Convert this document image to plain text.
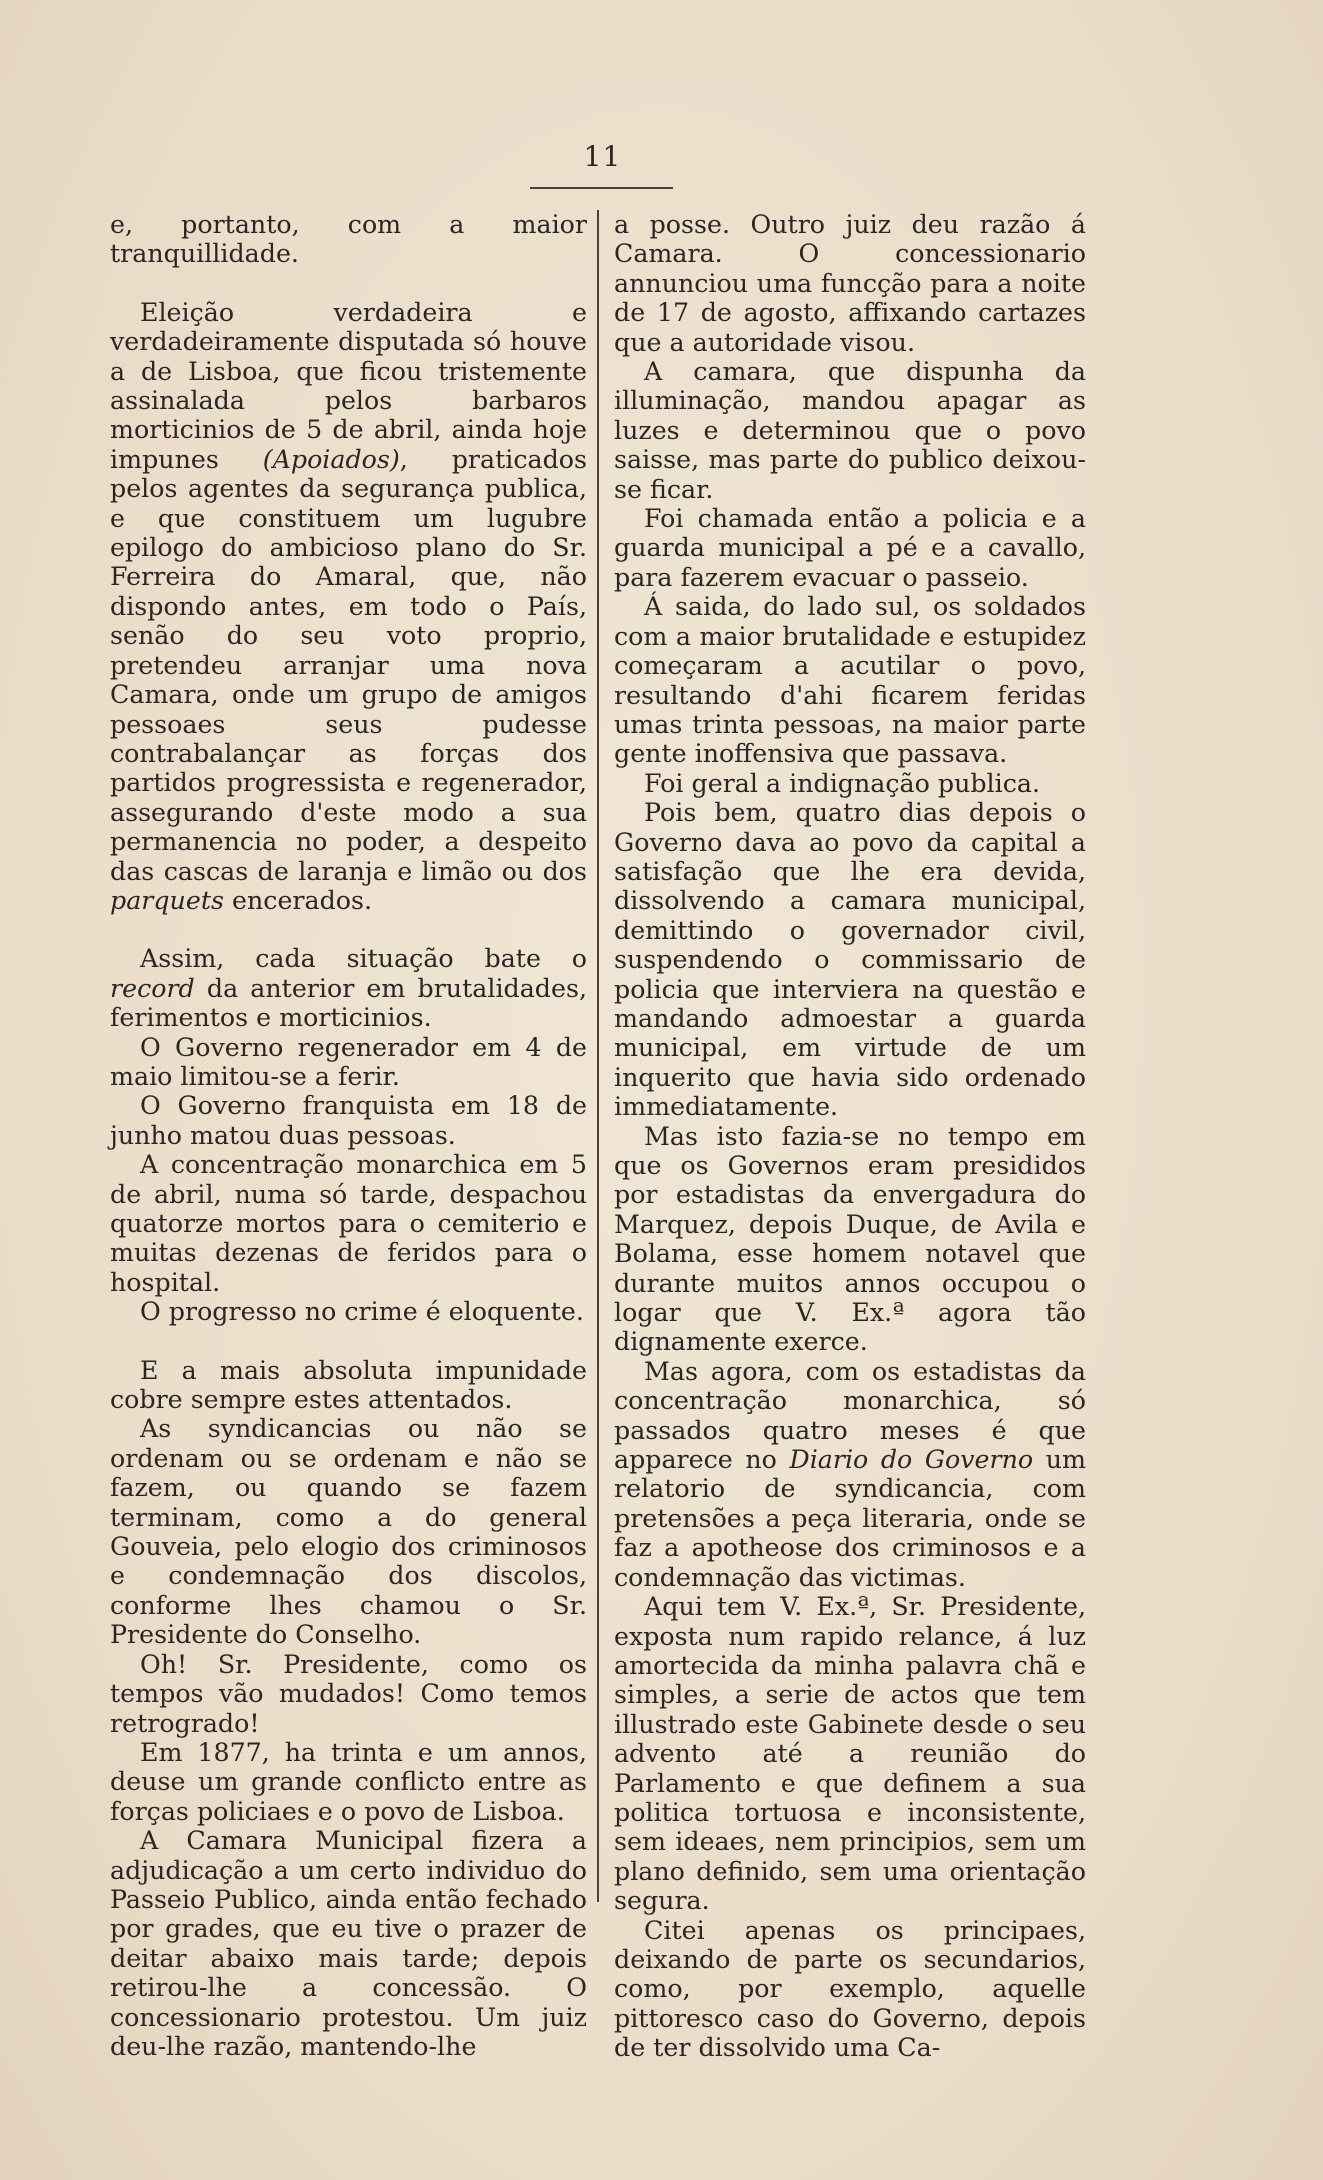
11

e, portanto, com a maior tranquillidade.

Eleição verdadeira e verdadeiramente disputada só houve a de Lisboa, que ficou tristemente assinalada pelos barbaros morticinios de 5 de abril, ainda hoje impunes (Apoiados), praticados pelos agentes da segurança publica, e que constituem um lugubre epilogo do ambicioso plano do Sr. Ferreira do Amaral, que, não dispondo antes, em todo o País, senão do seu voto proprio, pretendeu arranjar uma nova Camara, onde um grupo de amigos pessoaes seus pudesse contrabalançar as forças dos partidos progressista e regenerador, assegurando d'este modo a sua permanencia no poder, a despeito das cascas de laranja e limão ou dos parquets encerados.

Assim, cada situação bate o record da anterior em brutalidades, ferimentos e morticinios.

O Governo regenerador em 4 de maio limitou-se a ferir.

O Governo franquista em 18 de junho matou duas pessoas.

A concentração monarchica em 5 de abril, numa só tarde, despachou quatorze mortos para o cemiterio e muitas dezenas de feridos para o hospital.

O progresso no crime é eloquente.

E a mais absoluta impunidade cobre sempre estes attentados.

As syndicancias ou não se ordenam ou se ordenam e não se fazem, ou quando se fazem terminam, como a do general Gouveia, pelo elogio dos criminosos e condemnação dos discolos, conforme lhes chamou o Sr. Presidente do Conselho.

Oh! Sr. Presidente, como os tempos vão mudados! Como temos retrogrado!

Em 1877, ha trinta e um annos, deuse um grande conflicto entre as forças policiaes e o povo de Lisboa.

A Camara Municipal fizera a adjudicação a um certo individuo do Passeio Publico, ainda então fechado por grades, que eu tive o prazer de deitar abaixo mais tarde; depois retirou-lhe a concessão. O concessionario protestou. Um juiz deu-lhe razão, mantendo-lhe

a posse. Outro juiz deu razão á Camara. O concessionario annunciou uma funcção para a noite de 17 de agosto, affixando cartazes que a autoridade visou.

A camara, que dispunha da illuminação, mandou apagar as luzes e determinou que o povo saisse, mas parte do publico deixou-se ficar.

Foi chamada então a policia e a guarda municipal a pé e a cavallo, para fazerem evacuar o passeio.

Á saida, do lado sul, os soldados com a maior brutalidade e estupidez começaram a acutilar o povo, resultando d'ahi ficarem feridas umas trinta pessoas, na maior parte gente inoffensiva que passava.

Foi geral a indignação publica.

Pois bem, quatro dias depois o Governo dava ao povo da capital a satisfação que lhe era devida, dissolvendo a camara municipal, demittindo o governador civil, suspendendo o commissario de policia que interviera na questão e mandando admoestar a guarda municipal, em virtude de um inquerito que havia sido ordenado immediatamente.

Mas isto fazia-se no tempo em que os Governos eram presididos por estadistas da envergadura do Marquez, depois Duque, de Avila e Bolama, esse homem notavel que durante muitos annos occupou o logar que V. Ex.ª agora tão dignamente exerce.

Mas agora, com os estadistas da concentração monarchica, só passados quatro meses é que apparece no Diario do Governo um relatorio de syndicancia, com pretensões a peça literaria, onde se faz a apotheose dos criminosos e a condemnação das victimas.

Aqui tem V. Ex.ª, Sr. Presidente, exposta num rapido relance, á luz amortecida da minha palavra chã e simples, a serie de actos que tem illustrado este Gabinete desde o seu advento até a reunião do Parlamento e que definem a sua politica tortuosa e inconsistente, sem ideaes, nem principios, sem um plano definido, sem uma orientação segura.

Citei apenas os principaes, deixando de parte os secundarios, como, por exemplo, aquelle pittoresco caso do Governo, depois de ter dissolvido uma Ca-
